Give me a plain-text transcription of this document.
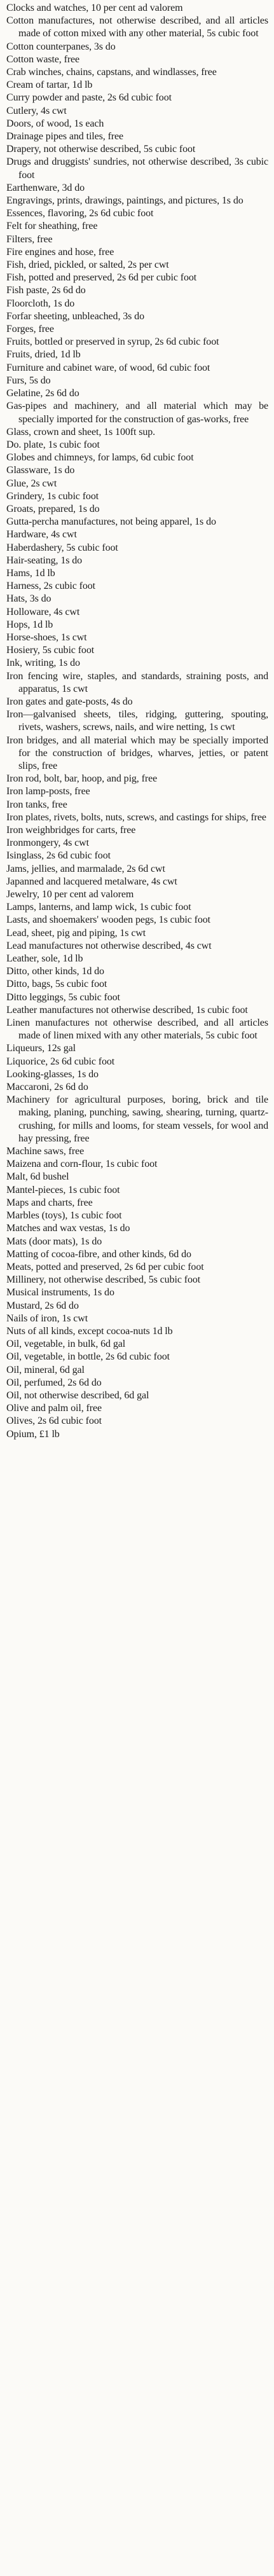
Clocks and watches, 10 per cent ad valorem

Cotton manufactures, not otherwise described, and all articles made of cotton mixed with any other material, 5s cubic foot

Cotton counterpanes, 3s do

Cotton waste, free

Crab winches, chains, capstans, and windlasses, free

Cream of tartar, 1d lb

Curry powder and paste, 2s 6d cubic foot

Cutlery, 4s cwt

Doors, of wood, 1s each

Drainage pipes and tiles, free

Drapery, not otherwise described, 5s cubic foot

Drugs and druggists' sundries, not otherwise described, 3s cubic foot

Earthenware, 3d do

Engravings, prints, drawings, paintings, and pictures, 1s do

Essences, flavoring, 2s 6d cubic foot

Felt for sheathing, free

Filters, free

Fire engines and hose, free

Fish, dried, pickled, or salted, 2s per cwt

Fish, potted and preserved, 2s 6d per cubic foot

Fish paste, 2s 6d do

Floorcloth, 1s do

Forfar sheeting, unbleached, 3s do

Forges, free

Fruits, bottled or preserved in syrup, 2s 6d cubic foot

Fruits, dried, 1d lb

Furniture and cabinet ware, of wood, 6d cubic foot

Furs, 5s do

Gelatine, 2s 6d do

Gas-pipes and machinery, and all material which may be specially imported for the construction of gas-works, free

Glass, crown and sheet, 1s 100ft sup.

Do. plate, 1s cubic foot

Globes and chimneys, for lamps, 6d cubic foot

Glassware, 1s do

Glue, 2s cwt

Grindery, 1s cubic foot

Groats, prepared, 1s do

Gutta-percha manufactures, not being apparel, 1s do

Hardware, 4s cwt

Haberdashery, 5s cubic foot

Hair-seating, 1s do

Hams, 1d lb

Harness, 2s cubic foot

Hats, 3s do

Holloware, 4s cwt

Hops, 1d lb

Horse-shoes, 1s cwt

Hosiery, 5s cubic foot

Ink, writing, 1s do

Iron fencing wire, staples, and standards, straining posts, and apparatus, 1s cwt

Iron gates and gate-posts, 4s do

Iron—galvanised sheets, tiles, ridging, guttering, spouting, rivets, washers, screws, nails, and wire netting, 1s cwt

Iron bridges, and all material which may be specially imported for the construction of bridges, wharves, jetties, or patent slips, free

Iron rod, bolt, bar, hoop, and pig, free

Iron lamp-posts, free

Iron tanks, free

Iron plates, rivets, bolts, nuts, screws, and castings for ships, free

Iron weighbridges for carts, free

Ironmongery, 4s cwt

Isinglass, 2s 6d cubic foot

Jams, jellies, and marmalade, 2s 6d cwt

Japanned and lacquered metalware, 4s cwt

Jewelry, 10 per cent ad valorem

Lamps, lanterns, and lamp wick, 1s cubic foot

Lasts, and shoemakers' wooden pegs, 1s cubic foot

Lead, sheet, pig and piping, 1s cwt

Lead manufactures not otherwise described, 4s cwt

Leather, sole, 1d lb

Ditto, other kinds, 1d do

Ditto, bags, 5s cubic foot

Ditto leggings, 5s cubic foot

Leather manufactures not otherwise described, 1s cubic foot

Linen manufactures not otherwise described, and all articles made of linen mixed with any other materials, 5s cubic foot

Liqueurs, 12s gal

Liquorice, 2s 6d cubic foot

Looking-glasses, 1s do

Maccaroni, 2s 6d do

Machinery for agricultural purposes, boring, brick and tile making, planing, punching, sawing, shearing, turning, quartz-crushing, for mills and looms, for steam vessels, for wool and hay pressing, free

Machine saws, free

Maizena and corn-flour, 1s cubic foot

Malt, 6d bushel

Mantel-pieces, 1s cubic foot

Maps and charts, free

Marbles (toys), 1s cubic foot

Matches and wax vestas, 1s do

Mats (door mats), 1s do

Matting of cocoa-fibre, and other kinds, 6d do

Meats, potted and preserved, 2s 6d per cubic foot

Millinery, not otherwise described, 5s cubic foot

Musical instruments, 1s do

Mustard, 2s 6d do

Nails of iron, 1s cwt

Nuts of all kinds, except cocoa-nuts 1d lb

Oil, vegetable, in bulk, 6d gal

Oil, vegetable, in bottle, 2s 6d cubic foot

Oil, mineral, 6d gal

Oil, perfumed, 2s 6d do

Oil, not otherwise described, 6d gal

Olive and palm oil, free

Olives, 2s 6d cubic foot

Opium, £1 lb
